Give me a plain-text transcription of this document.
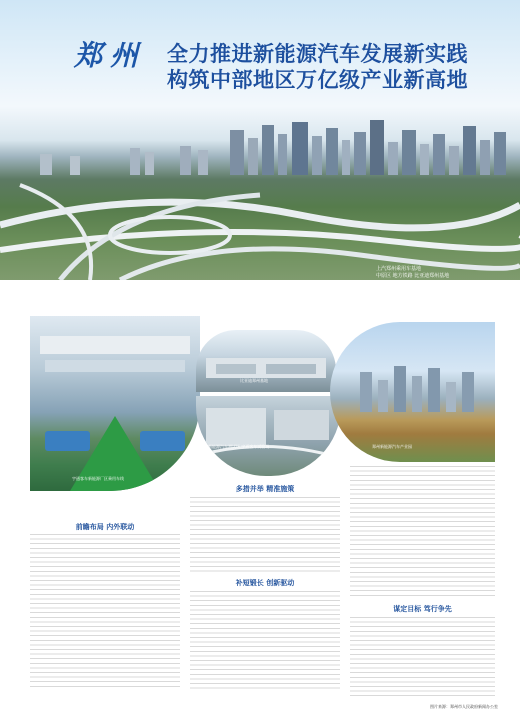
郑州 全力推进新能源汽车发展新实践
构筑中部地区万亿级产业新高地
上汽郑州乘用车基地
中原区 地方铁路 比亚迪郑州基地
宇通客车新能源厂区乘用车线
比亚迪郑州基地
新能源汽车测试场 宇通客车试验场	郑州新能源汽车产业园
前瞻布局 内外联动
多措并举 精准施策
补短锻长 创新驱动
谋定目标 笃行争先
图片来源：郑州市人民政府新闻办公室
